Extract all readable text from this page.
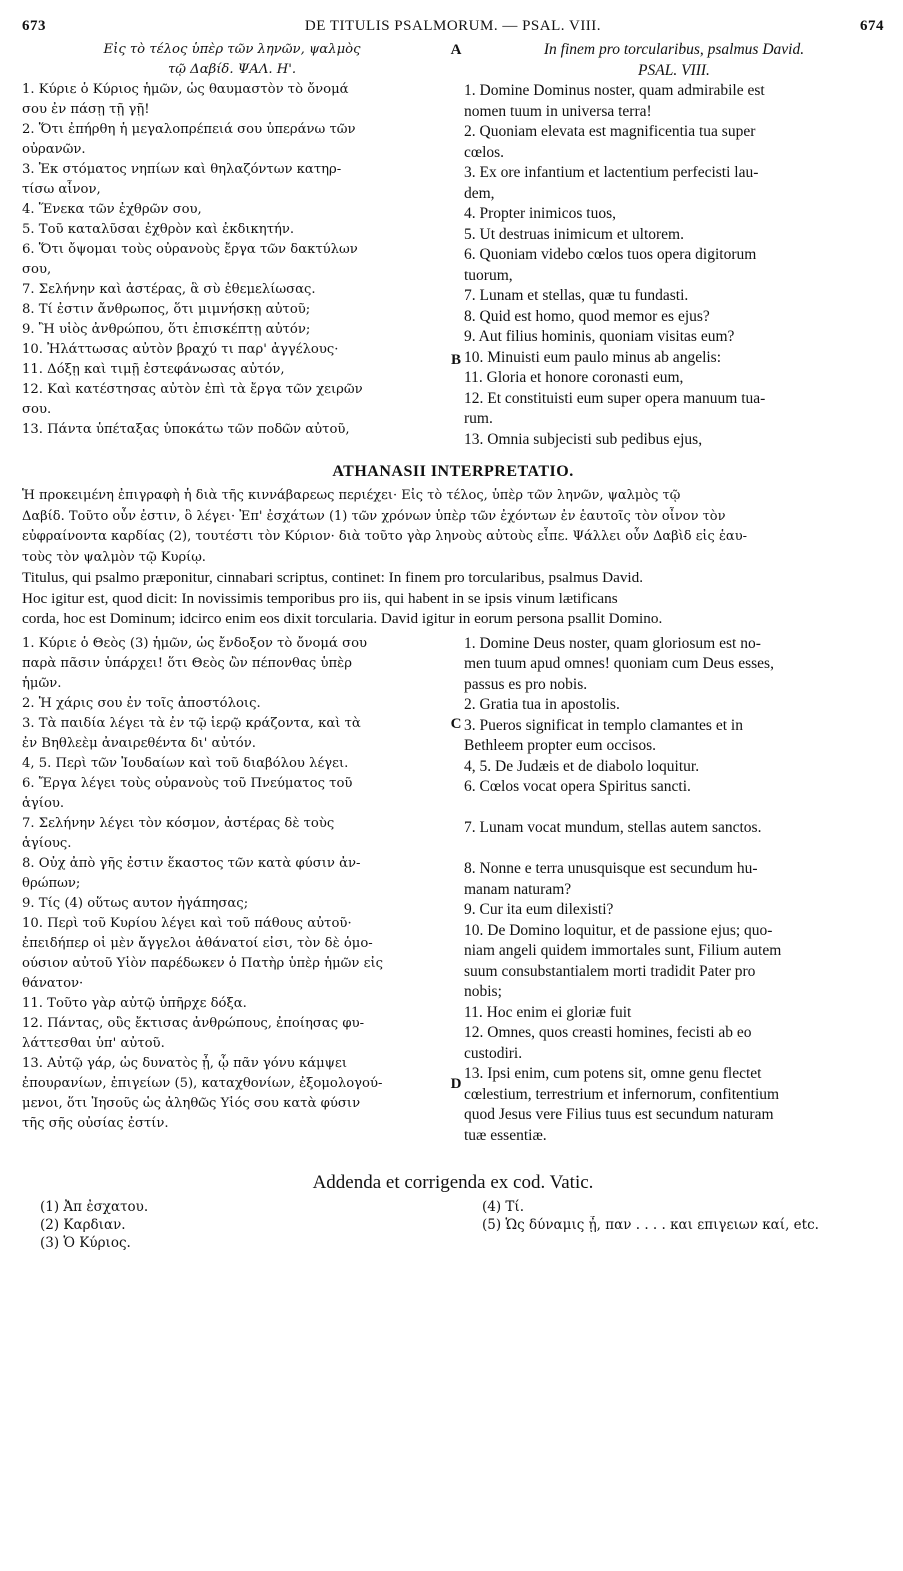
673	DE TITULIS PSALMORUM. — PSAL. VIII.	674
Εἰς τὸ τέλος ὑπὲρ τῶν ληνῶν, ψαλμὸς
τῷ Δαβίδ. ΨΑΛ. Η'.
1. Κύριε ὁ Κύριος ἡμῶν, ὡς θαυμαστὸν τὸ ὄνομά
σου ἐν πάσῃ τῇ γῇ!
2. Ὅτι ἐπήρθη ἡ μεγαλοπρέπειά σου ὑπεράνω τῶν
οὐρανῶν.
3. Ἐκ στόματος νηπίων καὶ θηλαζόντων κατηρ-
τίσω αἶνον,
4. Ἕνεκα τῶν ἐχθρῶν σου,
5. Τοῦ καταλῦσαι ἐχθρὸν καὶ ἐκδικητήν.
6. Ὅτι ὄψομαι τοὺς οὐρανοὺς ἔργα τῶν δακτύλων
σου,
7. Σελήνην καὶ ἀστέρας, ἃ σὺ ἐθεμελίωσας.
8. Τί ἐστιν ἄνθρωπος, ὅτι μιμνήσκῃ αὐτοῦ;
9. Ἢ υἱὸς ἀνθρώπου, ὅτι ἐπισκέπτῃ αὐτόν;
10. Ἠλάττωσας αὐτὸν βραχύ τι παρ' ἀγγέλους·
11. Δόξῃ καὶ τιμῇ ἐστεφάνωσας αὐτόν,
12. Καὶ κατέστησας αὐτὸν ἐπὶ τὰ ἔργα τῶν χειρῶν
σου.
13. Πάντα ὑπέταξας ὑποκάτω τῶν ποδῶν αὐτοῦ,
A
B
In finem pro torcularibus, psalmus David.
PSAL. VIII.
1. Domine Dominus noster, quam admirabile est
nomen tuum in universa terra!
2. Quoniam elevata est magnificentia tua super
cœlos.
3. Ex ore infantium et lactentium perfecisti lau-
dem,
4. Propter inimicos tuos,
5. Ut destruas inimicum et ultorem.
6. Quoniam videbo cœlos tuos opera digitorum
tuorum,
7. Lunam et stellas, quæ tu fundasti.
8. Quid est homo, quod memor es ejus?
9. Aut filius hominis, quoniam visitas eum?
10. Minuisti eum paulo minus ab angelis:
11. Gloria et honore coronasti eum,
12. Et constituisti eum super opera manuum tua-
rum.
13. Omnia subjecisti sub pedibus ejus,
ATHANASII INTERPRETATIO.
Ἡ προκειμένη ἐπιγραφὴ ἡ διὰ τῆς κιννάβαρεως περιέχει· Εἰς τὸ τέλος, ὑπὲρ τῶν ληνῶν, ψαλμὸς τῷ
Δαβίδ. Τοῦτο οὖν ἐστιν, ὃ λέγει· Ἐπ' ἐσχάτων (1) τῶν χρόνων ὑπὲρ τῶν ἐχόντων ἐν ἑαυτοῖς τὸν οἶνον τὸν
εὐφραίνοντα καρδίας (2), τουτέστι τὸν Κύριον· διὰ τοῦτο γὰρ ληνοὺς αὐτοὺς εἶπε. Ψάλλει οὖν Δαβὶδ εἰς ἑαυ-
τοὺς τὸν ψαλμὸν τῷ Κυρίῳ.
Titulus, qui psalmo præponitur, cinnabari scriptus, continet: In finem pro torcularibus, psalmus David.
Hoc igitur est, quod dicit: In novissimis temporibus pro iis, qui habent in se ipsis vinum lætificans
corda, hoc est Dominum; idcirco enim eos dixit torcularia. David igitur in eorum persona psallit Domino.
1. Κύριε ὁ Θεὸς (3) ἡμῶν, ὡς ἔνδοξον τὸ ὄνομά σου
παρὰ πᾶσιν ὑπάρχει! ὅτι Θεὸς ὢν πέπονθας ὑπὲρ
ἡμῶν.
2. Ἡ χάρις σου ἐν τοῖς ἀποστόλοις.
3. Τὰ παιδία λέγει τὰ ἐν τῷ ἱερῷ κράζοντα, καὶ τὰ
ἐν Βηθλεὲμ ἀναιρεθέντα δι' αὐτόν.
4, 5. Περὶ τῶν Ἰουδαίων καὶ τοῦ διαβόλου λέγει.
6. Ἔργα λέγει τοὺς οὐρανοὺς τοῦ Πνεύματος τοῦ
ἁγίου.
7. Σελήνην λέγει τὸν κόσμον, ἀστέρας δὲ τοὺς
ἁγίους.
8. Οὐχ ἀπὸ γῆς ἐστιν ἕκαστος τῶν κατὰ φύσιν ἀν-
θρώπων;
9. Τίς (4) οὕτως αυτον ἠγάπησας;
10. Περὶ τοῦ Κυρίου λέγει καὶ τοῦ πάθους αὐτοῦ·
ἐπειδήπερ οἱ μὲν ἄγγελοι ἀθάνατοί εἰσι, τὸν δὲ ὁμο-
ούσιον αὐτοῦ Υἱὸν παρέδωκεν ὁ Πατὴρ ὑπὲρ ἡμῶν εἰς
θάνατον·
11. Τοῦτο γὰρ αὐτῷ ὑπῆρχε δόξα.
12. Πάντας, οὓς ἔκτισας ἀνθρώπους, ἐποίησας φυ-
λάττεσθαι ὑπ' αὐτοῦ.
13. Αὐτῷ γάρ, ὡς δυνατὸς ᾖ, ᾧ πᾶν γόνυ κάμψει
ἐπουρανίων, ἐπιγείων (5), καταχθονίων, ἐξομολογού-
μενοι, ὅτι Ἰησοῦς ὡς ἀληθῶς Υἱός σου κατὰ φύσιν
τῆς σῆς οὐσίας ἐστίν.
C
D
1. Domine Deus noster, quam gloriosum est no-
men tuum apud omnes! quoniam cum Deus esses,
passus es pro nobis.
2. Gratia tua in apostolis.
3. Pueros significat in templo clamantes et in
Bethleem propter eum occisos.
4, 5. De Judæis et de diabolo loquitur.
6. Cœlos vocat opera Spiritus sancti.
7. Lunam vocat mundum, stellas autem sanctos.
8. Nonne e terra unusquisque est secundum hu-
manam naturam?
9. Cur ita eum dilexisti?
10. De Domino loquitur, et de passione ejus; quo-
niam angeli quidem immortales sunt, Filium autem
suum consubstantialem morti tradidit Pater pro
nobis;
11. Hoc enim ei gloriæ fuit
12. Omnes, quos creasti homines, fecisti ab eo
custodiri.
13. Ipsi enim, cum potens sit, omne genu flectet
cœlestium, terrestrium et infernorum, confitentium
quod Jesus vere Filius tuus est secundum naturam
tuæ essentiæ.
Addenda et corrigenda ex cod. Vatic.
(1) Ἀπ ἐσχατου.
(2) Καρδιαν.
(3) Ὁ Κύριος.
(4) Τί.
(5) Ὡς δύναμις ᾖ, παν . . . . και επιγειων καί, etc.
